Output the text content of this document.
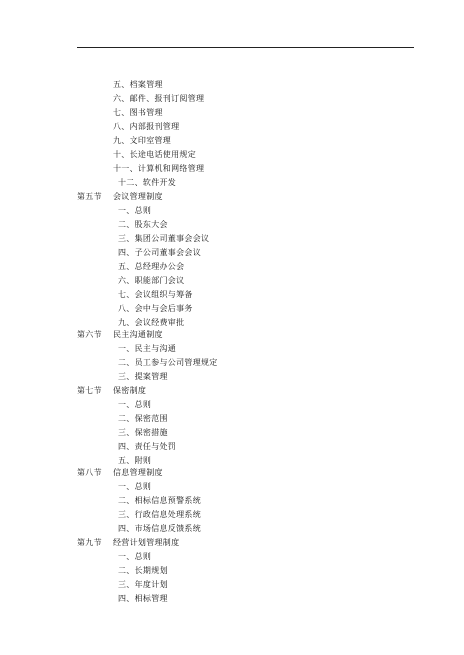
五、档案管理
六、邮件、报刊订阅管理
七、图书管理
八、内部报刊管理
九、文印室管理
十、长途电话使用规定
十一、计算机和网络管理
十二、软件开发
第五节 会议管理制度
一、总则
二、股东大会
三、集团公司董事会会议
四、子公司董事会会议
五、总经理办公会
六、职能部门会议
七、会议组织与筹备
八、会中与会后事务
九、会议经费审批
第六节 民主沟通制度
一、民主与沟通
二、员工参与公司管理规定
三、提案管理
第七节 保密制度
一、总则
二、保密范围
三、保密措施
四、责任与处罚
五、附则
第八节 信息管理制度
一、总则
二、相标信息预警系统
三、行政信息处理系统
四、市场信息反馈系统
第九节 经营计划管理制度
一、总则
二、长期规划
三、年度计划
四、相标管理
